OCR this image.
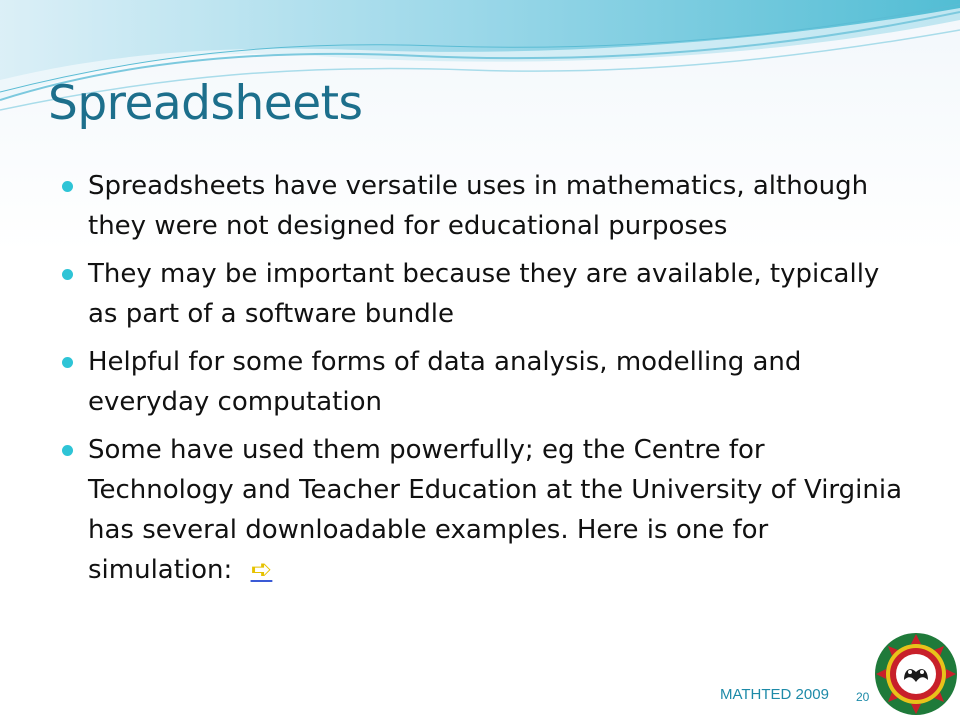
Spreadsheets
Spreadsheets have versatile uses in mathematics, although they were not designed for educational purposes
They may be important because they are available, typically as part of a software bundle
Helpful for some forms of data analysis, modelling and everyday computation
Some have used them powerfully; eg the Centre for Technology and Teacher Education at the University of Virginia has several downloadable examples. Here is one for simulation: ➪
MATHTED 2009 20
